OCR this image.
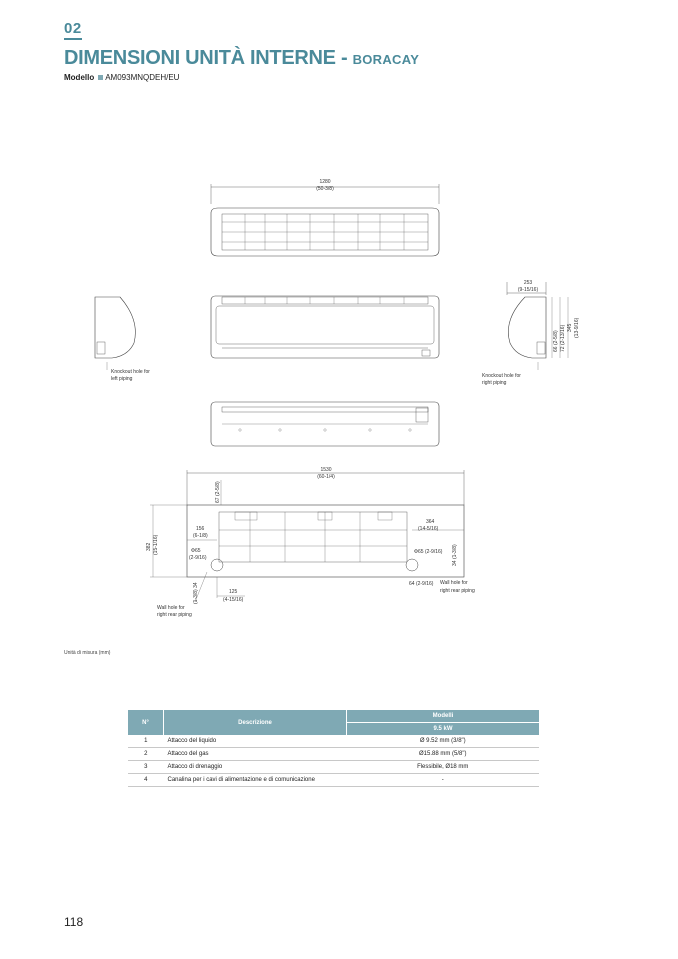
02
DIMENSIONI UNITÀ INTERNE - BORACAY
Modello AM093MNQDEH/EU
1280
(50-3/8)
Knockout hole for
left piping
253
(9-15/16)
66 (2-5/8) 72 (2-13/16) 345 (13-9/16)
Knockout hole for
right piping
1530
(60-1/4)
67 (2-5/8)
382 (15-1/16)
156
(6-1/8)
Φ65
(2-9/16)
364
(14-5/16)
Φ65 (2-9/16) 34 (1-3/8)
(1-3/8) 34	125
(4-15/16)
64 (2-9/16)
Wall hole for
right rear piping
Wall hole for
right rear piping
Unità di misura (mm)
N°	Descrizione	Modelli
		9.5 kW
1	Attacco del liquido	Ø 9.52 mm (3/8")
2	Attacco del gas	Ø15.88 mm (5/8")
3	Attacco di drenaggio	Flessibile, Ø18 mm
4	Canalina per i cavi di alimentazione e di comunicazione	-
118
